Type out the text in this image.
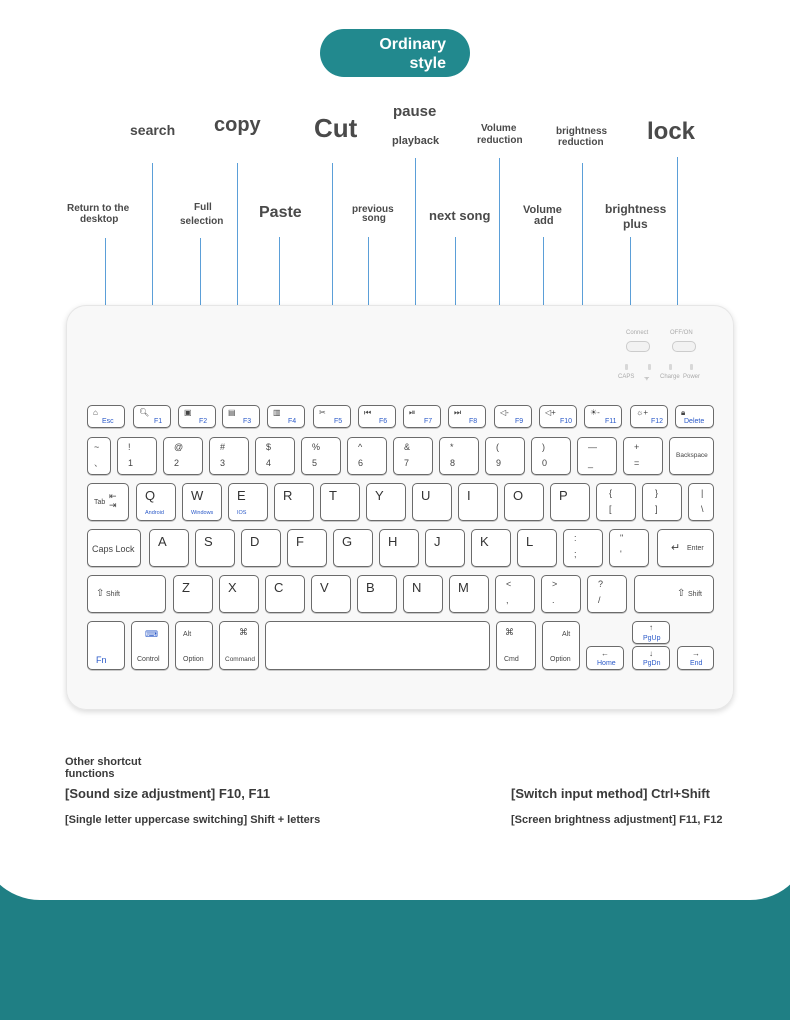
Ordinary
style
search copy Cut
pause
playback
Volume
reduction
brightness
reduction lock
Return to the
desktop
Full
selection
Paste	previous
song	next song	Volume
add
brightness
plus
Connect	OFF/ON
CAPS ᯤ Charge Power
⌂
Esc
🔍︎
F1
▣
F2
▤
F3
▥
F4
✂
F5
⏮
F6
⏯
F7
⏭
F8
◁-
F9
◁+
F10
☀-
F11
☼+
F12
🔒︎
Delete
~
、
!
1
@
2
#
3
$
4
%
5
^
6
&
7
*
8
(
9
)
0
—
_
+
=
Backspace
Tab
⇤
⇥
Q
Android
W
Windows
E
IOS
R	T	Y	U	I	O	P	{
[
}
]
|
\
Caps Lock A	S	D	F	G	H	J	K	L	:
;
"
'	↵ Enter
⇧ Shift	Z	X	C	V	B	N	M	<
,
>
.
?
/
⇧ Shift
Fn
⌨
Control
Alt
Option
⌘
Command
⌘
Cmd
Alt
Option
↑
PgUp
←
Home
↓
PgDn
→
End
Other shortcut
functions
[Sound size adjustment] F10, F11	[Switch input method] Ctrl+Shift
[Single letter uppercase switching] Shift + letters	[Screen brightness adjustment] F11, F12
